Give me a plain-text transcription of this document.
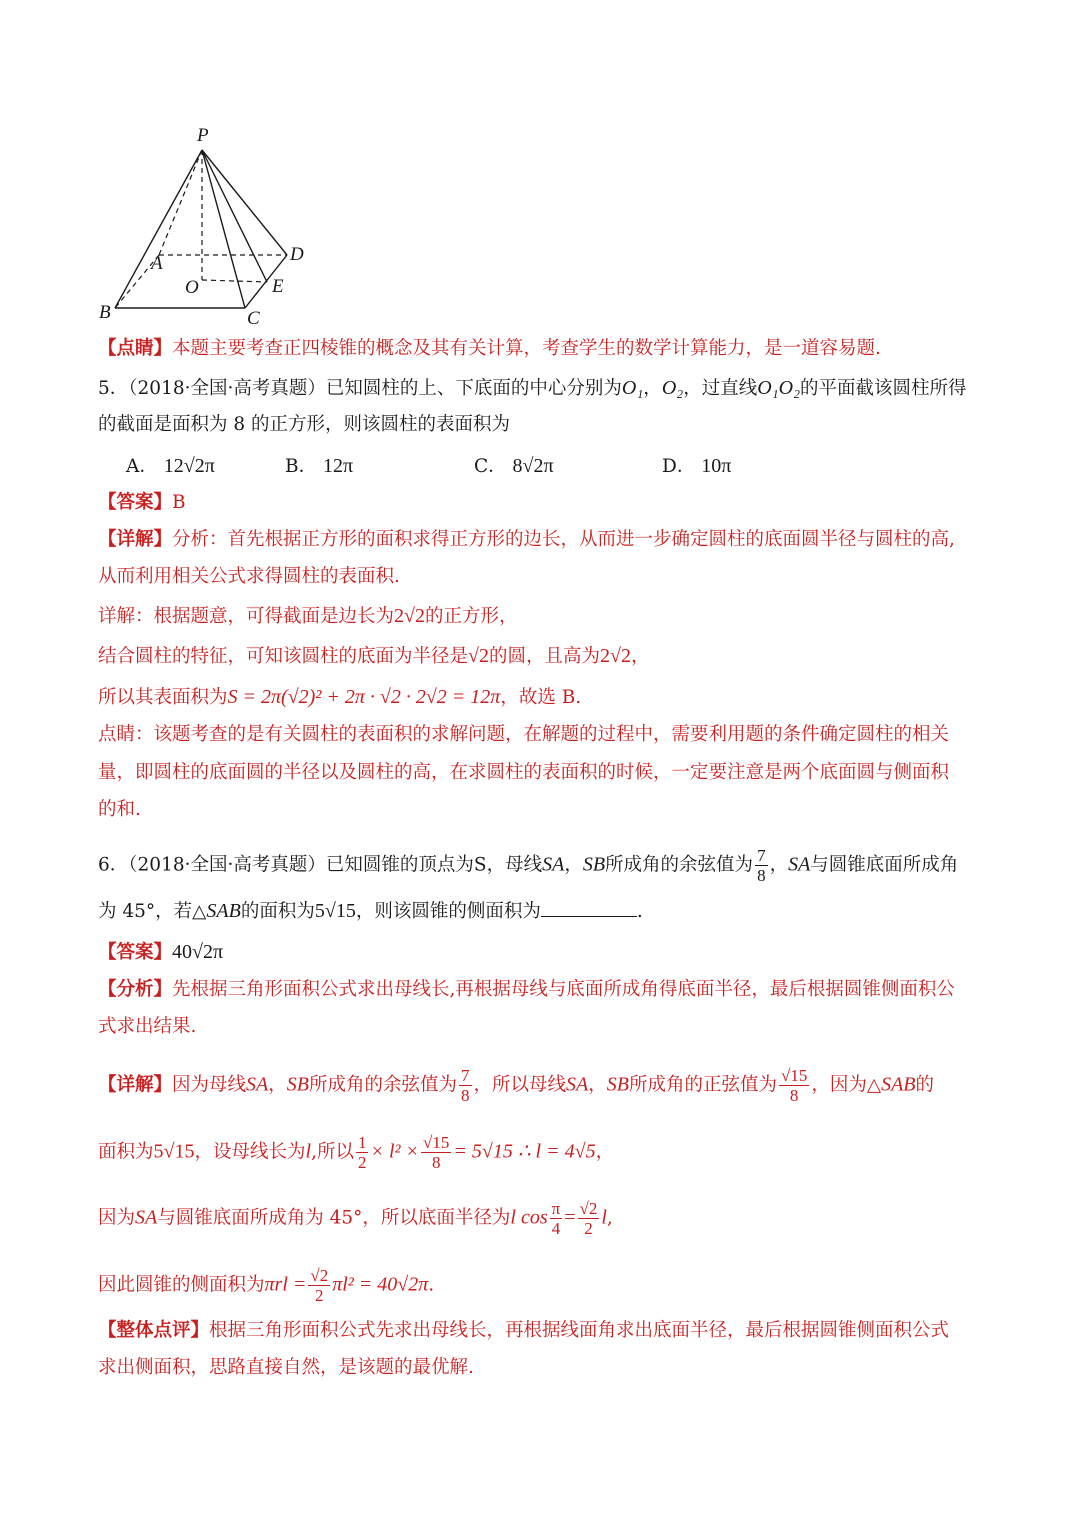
P
A	D
O	E
B	C
【点睛】本题主要考查正四棱锥的概念及其有关计算，考查学生的数学计算能力，是一道容易题.
5．（2018·全国·高考真题）已知圆柱的上、下底面的中心分别为O₁，O₂，过直线O₁O₂的平面截该圆柱所得
的截面是面积为 8 的正方形，则该圆柱的表面积为
A． 12√2π	B． 12π	C． 8√2π	D． 10π
【答案】B
【详解】分析：首先根据正方形的面积求得正方形的边长，从而进一步确定圆柱的底面圆半径与圆柱的高,
从而利用相关公式求得圆柱的表面积.
详解：根据题意，可得截面是边长为2√2的正方形，
结合圆柱的特征，可知该圆柱的底面为半径是√2的圆，且高为2√2，
所以其表面积为S = 2π(√2)² + 2π · √2 · 2√2 = 12π，故选 B.
点睛：该题考查的是有关圆柱的表面积的求解问题，在解题的过程中，需要利用题的条件确定圆柱的相关
量，即圆柱的底面圆的半径以及圆柱的高，在求圆柱的表面积的时候，一定要注意是两个底面圆与侧面积
的和.
6．（2018·全国·高考真题）已知圆锥的顶点为S，母线SA，SB所成角的余弦值为 $\frac{7}{8}$ ，SA与圆锥底面所成角
为 45°，若△SAB的面积为5√15，则该圆锥的侧面积为	.
【答案】40√2π
【分析】先根据三角形面积公式求出母线长,再根据母线与底面所成角得底面半径，最后根据圆锥侧面积公
式求出结果.
【详解】因为母线SA，SB所成角的余弦值为 $\frac{7}{8}$ ，所以母线SA，SB所成角的正弦值为 $\frac{√15}{8}$ ，因为△SAB的
面积为5√15，设母线长为l,所以 $\frac{1}{2} \times l^2 \times \frac{√15}{8} = 5√15$ ∴ l = 4√5，
因为SA与圆锥底面所成角为 45°，所以底面半径为l $\cos \frac{\pi}{4} = \frac{√2}{2} l$,
因此圆锥的侧面积为$\pi rl = \frac{√2}{2} \pi l^2 = 40√2\pi$.
【整体点评】根据三角形面积公式先求出母线长，再根据线面角求出底面半径，最后根据圆锥侧面积公式
求出侧面积，思路直接自然，是该题的最优解.
